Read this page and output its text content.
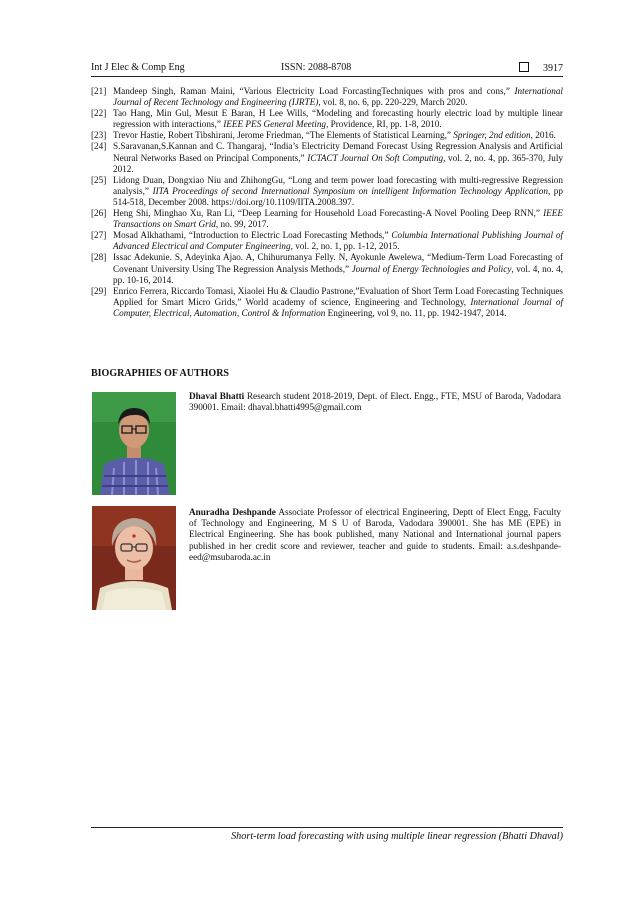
Int J Elec & Comp Eng	ISSN: 2088-8708	3917
[21] Mandeep Singh, Raman Maini, “Various Electricity Load ForcastingTechniques with pros and cons,” International Journal of Recent Technology and Engineering (IJRTE), vol. 8, no. 6, pp. 220-229, March 2020.
[22] Tao Hang, Min Gul, Mesut E Baran, H Lee Wills, “Modeling and forecasting hourly electric load by multiple linear regression with interactions,” IEEE PES General Meeting, Providence, RI, pp. 1-8, 2010.
[23] Trevor Hastie, Robert Tibshirani, Jerome Friedman, “The Elements of Statistical Learning,” Springer, 2nd edition, 2016.
[24] S.Saravanan,S.Kannan and C. Thangaraj, “India’s Electricity Demand Forecast Using Regression Analysis and Artificial Neural Networks Based on Principal Components,” ICTACT Journal On Soft Computing, vol. 2, no. 4, pp. 365-370, July 2012.
[25] Lidong Duan, Dongxiao Niu and ZhihongGu, “Long and term power load forecasting with multi-regressive Regression analysis,” IITA Proceedings of second International Symposium on intelligent Information Technology Application, pp 514-518, December 2008. https://doi.org/10.1109/IITA.2008.397.
[26] Heng Shi, Minghao Xu, Ran Li, “Deep Learning for Household Load Forecasting-A Novel Pooling Deep RNN,” IEEE Transactions on Smart Grid, no. 99, 2017.
[27] Mosad Alkhathami, “Introduction to Electric Load Forecasting Methods,” Columbia International Publishing Journal of Advanced Electrical and Computer Engineering, vol. 2, no. 1, pp. 1-12, 2015.
[28] Issac Adekunie. S, Adeyinka Ajao. A, Chihurumanya Felly. N, Ayokunle Awelewa, “Medium-Term Load Forecasting of Covenant University Using The Regression Analysis Methods,” Journal of Energy Technologies and Policy, vol. 4, no. 4, pp. 10-16, 2014.
[29] Enrico Ferrera, Riccardo Tomasi, Xiaolei Hu & Claudio Pastrone,”Evaluation of Short Term Load Forecasting Techniques Applied for Smart Micro Grids,” World academy of science, Engineering and Technology, International Journal of Computer, Electrical, Automation, Control & Information Engineering, vol 9, no. 11, pp. 1942-1947, 2014.
BIOGRAPHIES OF AUTHORS
Dhaval Bhatti Research student 2018-2019, Dept. of Elect. Engg., FTE, MSU of Baroda, Vadodara 390001. Email: dhaval.bhatti4995@gmail.com
Anuradha Deshpande Associate Professor of electrical Engineering, Deptt of Elect Engg, Faculty of Technology and Engineering, M S U of Baroda, Vadodara 390001. She has ME (EPE) in Electrical Engineering. She has book published, many National and International journal papers published in her credit score and reviewer, teacher and guide to students. Email: a.s.deshpande-eed@msubaroda.ac.in
Short-term load forecasting with using multiple linear regression (Bhatti Dhaval)
